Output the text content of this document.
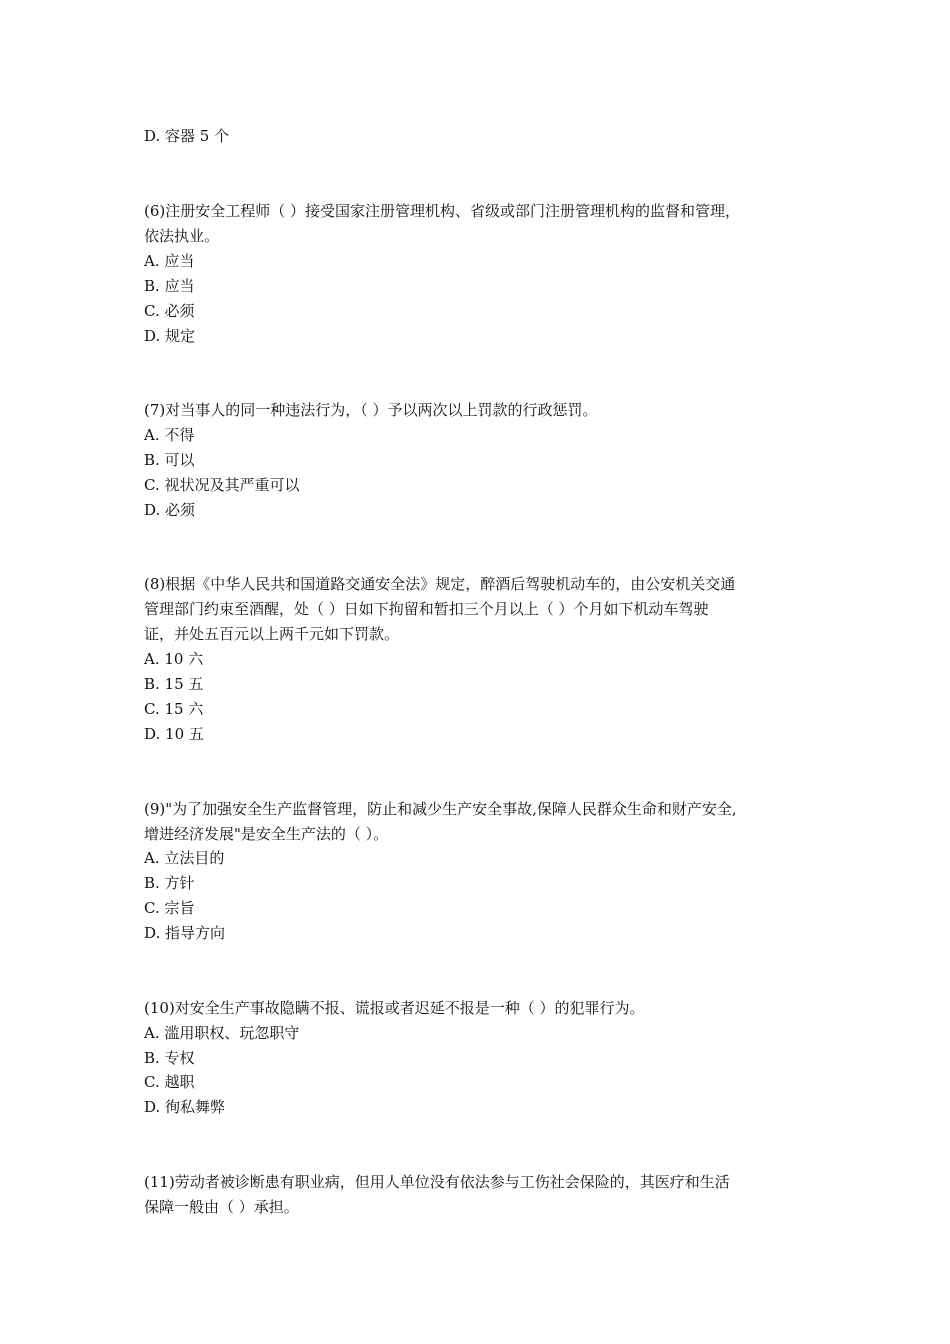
D. 容器 5 个
(6)注册安全工程师（ ）接受国家注册管理机构、省级或部门注册管理机构的监督和管理，
依法执业。
A. 应当
B. 应当
C. 必须
D. 规定
(7)对当事人的同一种违法行为，（ ）予以两次以上罚款的行政惩罚。
A. 不得
B. 可以
C. 视状况及其严重可以
D. 必须
(8)根据《中华人民共和国道路交通安全法》规定，醉酒后驾驶机动车的，由公安机关交通
管理部门约束至酒醒，处（ ）日如下拘留和暂扣三个月以上（ ）个月如下机动车驾驶
证，并处五百元以上两千元如下罚款。
A. 10 六
B. 15 五
C. 15 六
D. 10 五
(9)"为了加强安全生产监督管理，防止和减少生产安全事故,保障人民群众生命和财产安全,
增进经济发展"是安全生产法的（ ）。
A. 立法目的
B. 方针
C. 宗旨
D. 指导方向
(10)对安全生产事故隐瞒不报、谎报或者迟延不报是一种（ ）的犯罪行为。
A. 滥用职权、玩忽职守
B. 专权
C. 越职
D. 徇私舞弊
(11)劳动者被诊断患有职业病，但用人单位没有依法参与工伤社会保险的，其医疗和生活
保障一般由（ ）承担。
